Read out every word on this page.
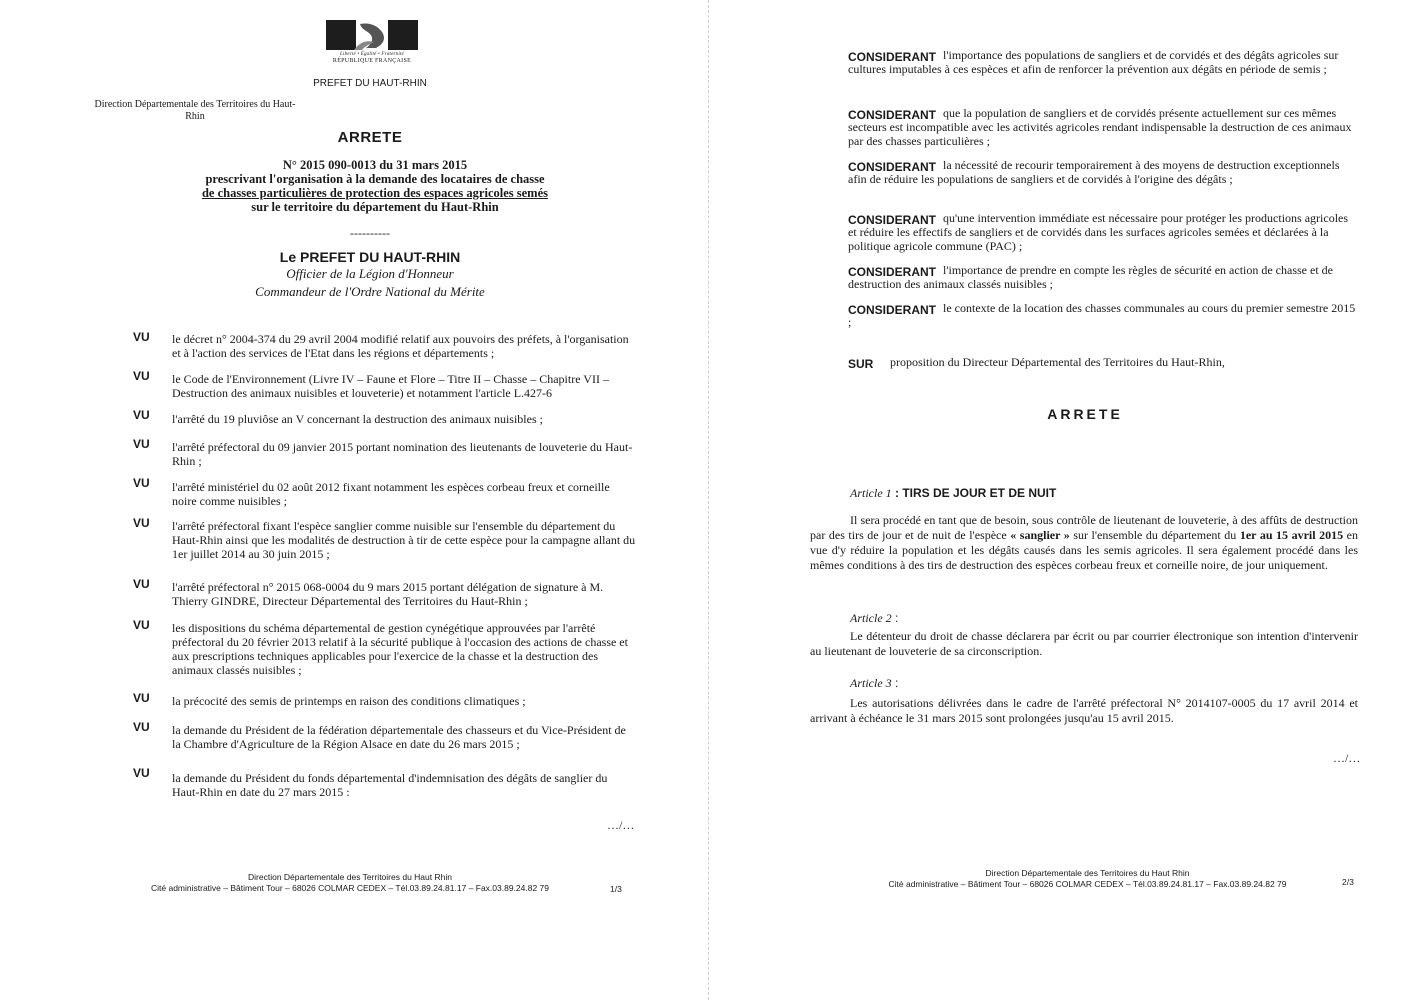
Liberté • Égalité • Fraternité
RÉPUBLIQUE FRANÇAISE
PREFET DU HAUT-RHIN
Direction Départementale des Territoires du Haut-Rhin
ARRETE
N° 2015 090-0013 du 31 mars 2015
prescrivant l'organisation à la demande des locataires de chasse
de chasses particulières de protection des espaces agricoles semés
sur le territoire du département du Haut-Rhin
----------
Le PREFET DU HAUT-RHIN
Officier de la Légion d'Honneur
Commandeur de l'Ordre National du Mérite
VU le décret n° 2004-374 du 29 avril 2004 modifié relatif aux pouvoirs des préfets, à l'organisation et à l'action des services de l'Etat dans les régions et départements ;
VU le Code de l'Environnement (Livre IV – Faune et Flore – Titre II – Chasse – Chapitre VII – Destruction des animaux nuisibles et louveterie) et notamment l'article L.427-6
VU l'arrêté du 19 pluviôse an V concernant la destruction des animaux nuisibles ;
VU l'arrêté préfectoral du 09 janvier 2015 portant nomination des lieutenants de louveterie du Haut-Rhin ;
VU l'arrêté ministériel du 02 août 2012 fixant notamment les espèces corbeau freux et corneille noire comme nuisibles ;
VU l'arrêté préfectoral fixant l'espèce sanglier comme nuisible sur l'ensemble du département du Haut-Rhin ainsi que les modalités de destruction à tir de cette espèce pour la campagne allant du 1er juillet 2014 au 30 juin 2015 ;
VU l'arrêté préfectoral n° 2015 068-0004 du 9 mars 2015 portant délégation de signature à M. Thierry GINDRE, Directeur Départemental des Territoires du Haut-Rhin ;
VU les dispositions du schéma départemental de gestion cynégétique approuvées par l'arrêté préfectoral du 20 février 2013 relatif à la sécurité publique à l'occasion des actions de chasse et aux prescriptions techniques applicables pour l'exercice de la chasse et la destruction des animaux classés nuisibles ;
VU la précocité des semis de printemps en raison des conditions climatiques ;
VU la demande du Président de la fédération départementale des chasseurs et du Vice-Président de la Chambre d'Agriculture de la Région Alsace en date du 26 mars 2015 ;
VU la demande du Président du fonds départemental d'indemnisation des dégâts de sanglier du Haut-Rhin en date du 27 mars 2015 :
…/…
Direction Départementale des Territoires du Haut Rhin
Cité administrative – Bâtiment Tour – 68026 COLMAR CEDEX – Tél.03.89.24.81.17 – Fax.03.89.24.82 79	1/3
CONSIDERANT l'importance des populations de sangliers et de corvidés et des dégâts agricoles sur cultures imputables à ces espèces et afin de renforcer la prévention aux dégâts en période de semis ;
CONSIDERANT que la population de sangliers et de corvidés présente actuellement sur ces mêmes secteurs est incompatible avec les activités agricoles rendant indispensable la destruction de ces animaux par des chasses particulières ;
CONSIDERANT la nécessité de recourir temporairement à des moyens de destruction exceptionnels afin de réduire les populations de sangliers et de corvidés à l'origine des dégâts ;
CONSIDERANT qu'une intervention immédiate est nécessaire pour protéger les productions agricoles et réduire les effectifs de sangliers et de corvidés dans les surfaces agricoles semées et déclarées à la politique agricole commune (PAC) ;
CONSIDERANT l'importance de prendre en compte les règles de sécurité en action de chasse et de destruction des animaux classés nuisibles ;
CONSIDERANT le contexte de la location des chasses communales au cours du premier semestre 2015 ;
SUR proposition du Directeur Départemental des Territoires du Haut-Rhin,
ARRETE
Article 1 : TIRS DE JOUR ET DE NUIT
Il sera procédé en tant que de besoin, sous contrôle de lieutenant de louveterie, à des affûts de destruction par des tirs de jour et de nuit de l'espèce « sanglier » sur l'ensemble du département du 1er au 15 avril 2015 en vue d'y réduire la population et les dégâts causés dans les semis agricoles. Il sera également procédé dans les mêmes conditions à des tirs de destruction des espèces corbeau freux et corneille noire, de jour uniquement.
Article 2 :
Le détenteur du droit de chasse déclarera par écrit ou par courrier électronique son intention d'intervenir au lieutenant de louveterie de sa circonscription.
Article 3 :
Les autorisations délivrées dans le cadre de l'arrêté préfectoral N° 2014107-0005 du 17 avril 2014 et arrivant à échéance le 31 mars 2015 sont prolongées jusqu'au 15 avril 2015.
…/…
Direction Départementale des Territoires du Haut Rhin
Cité administrative – Bâtiment Tour – 68026 COLMAR CEDEX – Tél.03.89.24.81.17 – Fax.03.89.24.82 79	2/3
